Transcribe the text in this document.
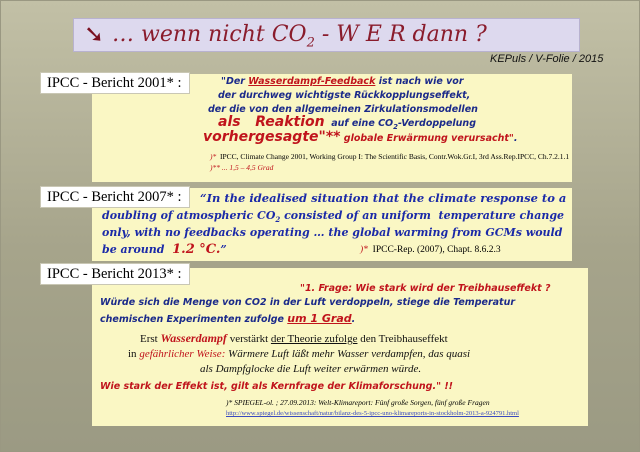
➘ … wenn nicht $CO_2$ - W E R dann ?
KEPuls / V-Folie / 2015
IPCC - Bericht 2001* :	"Der Wasserdampf-Feedback ist nach wie vor
der durchweg wichtigste Rückkopplungseffekt,
der die von den allgemeinen Zirkulationsmodellen
als   Reaktion  auf eine $CO_2$-Verdoppelung
vorhergesagte"** globale Erwärmung verursacht".
)* IPCC, Climate Change 2001, Working Group I: The Scientific Basis, Contr.Wok.Gr.I, 3rd Ass.Rep.IPCC, Ch.7.2.1.1
)** ... 1,5 – 4,5 Grad
IPCC - Bericht 2007* :	“In the idealised situation that the climate response to a
doubling of atmospheric $CO_2$ consisted of an uniform  temperature change
only, with no feedbacks operating … the global warming from GCMs would
be around  1.2 °C.”	)* IPCC-Rep. (2007), Chapt. 8.6.2.3
IPCC - Bericht 2013* :
"1. Frage: Wie stark wird der Treibhauseffekt ?
Würde sich die Menge von CO2 in der Luft verdoppeln, stiege die Temperatur
chemischen Experimenten zufolge um 1 Grad.
Erst Wasserdampf verstärkt der Theorie zufolge den Treibhauseffekt
in gefährlicher Weise: Wärmere Luft läßt mehr Wasser verdampfen, das quasi
als Dampfglocke die Luft weiter erwärmen würde.
Wie stark der Effekt ist, gilt als Kernfrage der Klimaforschung." !!
)* SPIEGEL-ol. ; 27.09.2013: Welt-Klimareport: Fünf große Sorgen, fünf große Fragen
http://www.spiegel.de/wissenschaft/natur/bilanz-des-5-ipcc-uno-klimareports-in-stockholm-2013-a-924791.html
